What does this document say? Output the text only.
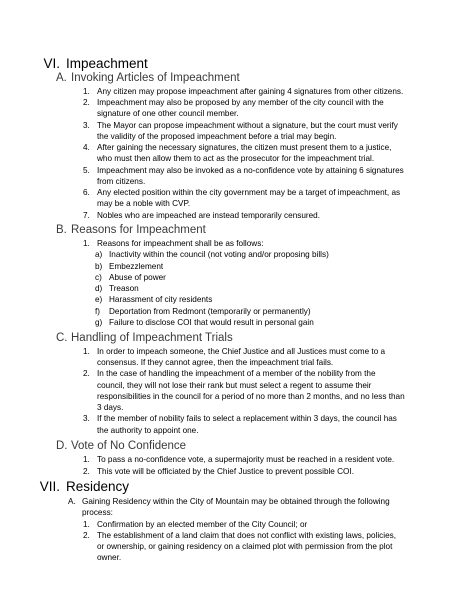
VI. Impeachment
A. Invoking Articles of Impeachment
1. Any citizen may propose impeachment after gaining 4 signatures from other citizens.
2. Impeachment may also be proposed by any member of the city council with the
signature of one other council member.
3. The Mayor can propose impeachment without a signature, but the court must verify
the validity of the proposed impeachment before a trial may begin.
4. After gaining the necessary signatures, the citizen must present them to a justice,
who must then allow them to act as the prosecutor for the impeachment trial.
5. Impeachment may also be invoked as a no-confidence vote by attaining 6 signatures
from citizens.
6. Any elected position within the city government may be a target of impeachment, as
may be a noble with CVP.
7. Nobles who are impeached are instead temporarily censured.
B. Reasons for Impeachment
1. Reasons for impeachment shall be as follows:
a) Inactivity within the council (not voting and/or proposing bills)
b) Embezzlement
c) Abuse of power
d) Treason
e) Harassment of city residents
f)	Deportation from Redmont (temporarily or permanently)
g) Failure to disclose COI that would result in personal gain
C. Handling of Impeachment Trials
1. In order to impeach someone, the Chief Justice and all Justices must come to a
consensus. If they cannot agree, then the impeachment trial fails.
2. In the case of handling the impeachment of a member of the nobility from the
council, they will not lose their rank but must select a regent to assume their
responsibilities in the council for a period of no more than 2 months, and no less than
3 days.
3. If the member of nobility fails to select a replacement within 3 days, the council has
the authority to appoint one.
D. Vote of No Confidence
1. To pass a no-confidence vote, a supermajority must be reached in a resident vote.
2. This vote will be officiated by the Chief Justice to prevent possible COI.
VII. Residency
A. Gaining Residency within the City of Mountain may be obtained through the following
process:
1. Confirmation by an elected member of the City Council; or
2. The establishment of a land claim that does not conflict with existing laws, policies,
or ownership, or gaining residency on a claimed plot with permission from the plot
owner.
